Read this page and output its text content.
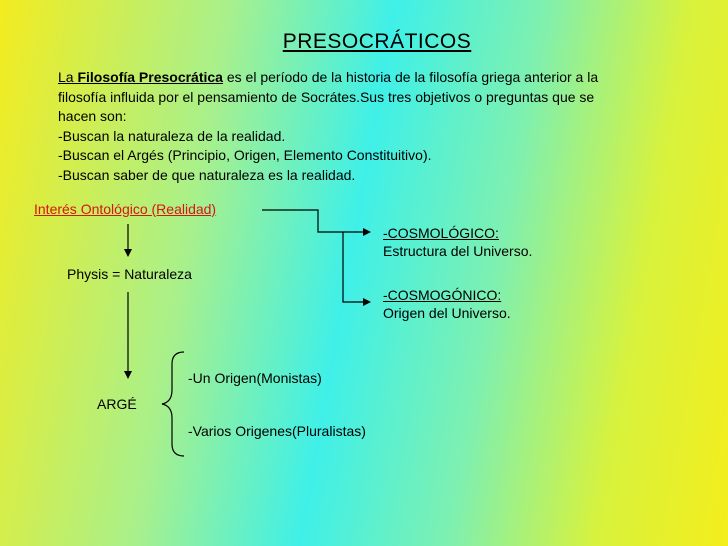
PRESOCRÁTICOS
La Filosofía Presocrática es el período de la historia de la filosofía griega anterior a la
filosofía influida por el pensamiento de Socrátes.Sus tres objetivos o preguntas que se
hacen son:
-Buscan la naturaleza de la realidad.
-Buscan el Argés (Principio, Origen, Elemento Constituitivo).
-Buscan saber de que naturaleza es la realidad.
Interés Ontológico (Realidad)
-COSMOLÓGICO:
Estructura del Universo.
Physis = Naturaleza
-COSMOGÓNICO:
Origen del Universo.
-Un Origen(Monistas)
ARGÉ
-Varios Origenes(Pluralistas)
